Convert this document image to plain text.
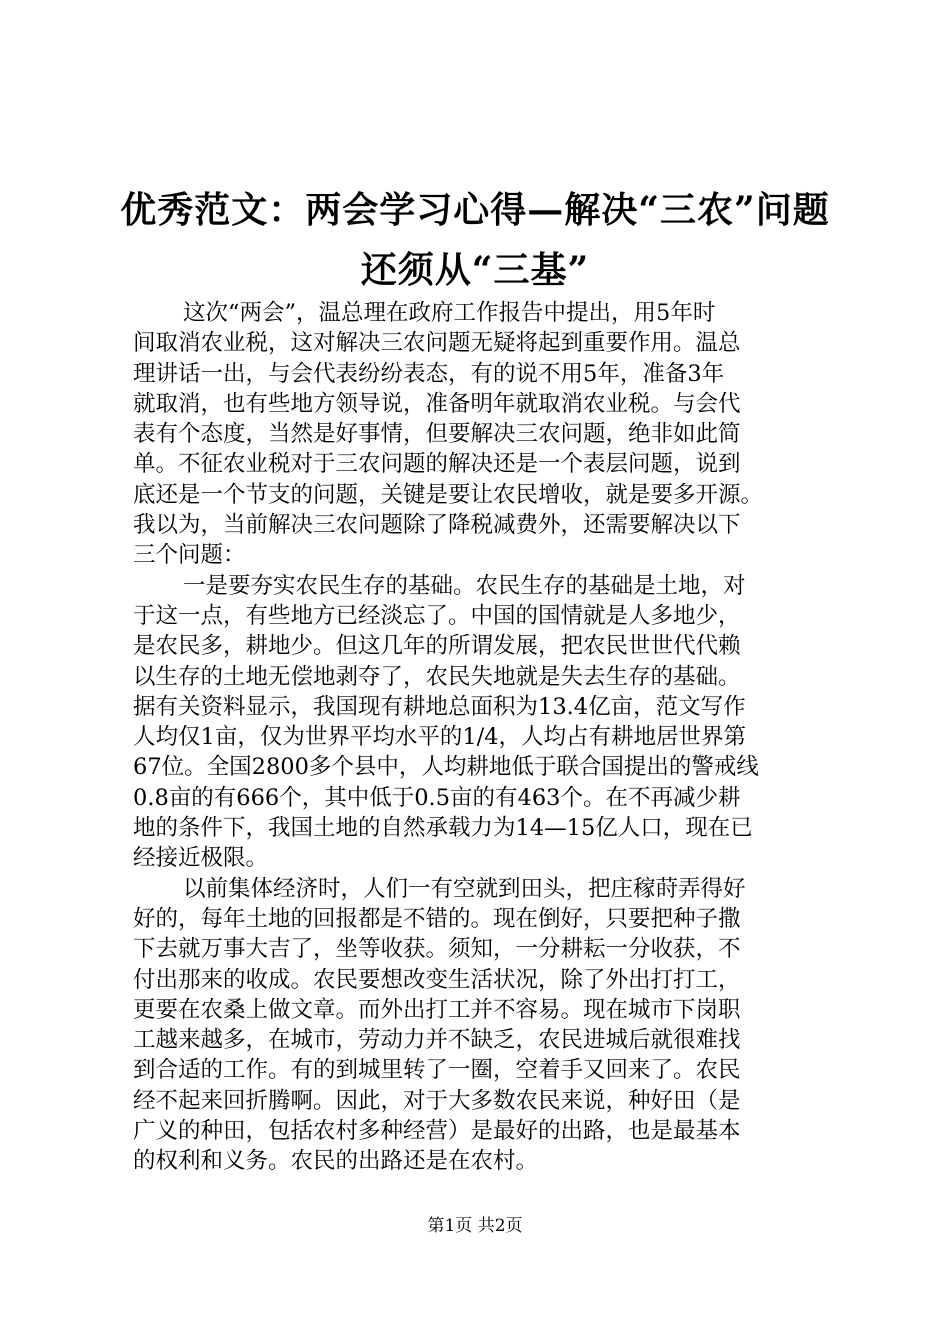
优秀范文：两会学习心得—解决“三农”问题
还须从“三基”
这次“两会”，温总理在政府工作报告中提出，用5年时
间取消农业税，这对解决三农问题无疑将起到重要作用。温总
理讲话一出，与会代表纷纷表态，有的说不用5年，准备3年
就取消，也有些地方领导说，准备明年就取消农业税。与会代
表有个态度，当然是好事情，但要解决三农问题，绝非如此简
单。不征农业税对于三农问题的解决还是一个表层问题，说到
底还是一个节支的问题，关键是要让农民增收，就是要多开源。
我以为，当前解决三农问题除了降税减费外，还需要解决以下
三个问题：
一是要夯实农民生存的基础。农民生存的基础是土地，对
于这一点，有些地方已经淡忘了。中国的国情就是人多地少，
是农民多，耕地少。但这几年的所谓发展，把农民世世代代赖
以生存的土地无偿地剥夺了，农民失地就是失去生存的基础。
据有关资料显示，我国现有耕地总面积为13.4亿亩，范文写作
人均仅1亩，仅为世界平均水平的1/4，人均占有耕地居世界第
67位。全国2800多个县中，人均耕地低于联合国提出的警戒线
0.8亩的有666个，其中低于0.5亩的有463个。在不再减少耕
地的条件下，我国土地的自然承载力为14—15亿人口，现在已
经接近极限。
以前集体经济时，人们一有空就到田头，把庄稼莳弄得好
好的，每年土地的回报都是不错的。现在倒好，只要把种子撒
下去就万事大吉了，坐等收获。须知，一分耕耘一分收获，不
付出那来的收成。农民要想改变生活状况，除了外出打打工，
更要在农桑上做文章。而外出打工并不容易。现在城市下岗职
工越来越多，在城市，劳动力并不缺乏，农民进城后就很难找
到合适的工作。有的到城里转了一圈，空着手又回来了。农民
经不起来回折腾啊。因此，对于大多数农民来说，种好田（是
广义的种田，包括农村多种经营）是最好的出路，也是最基本
的权利和义务。农民的出路还是在农村。
第1页 共2页
